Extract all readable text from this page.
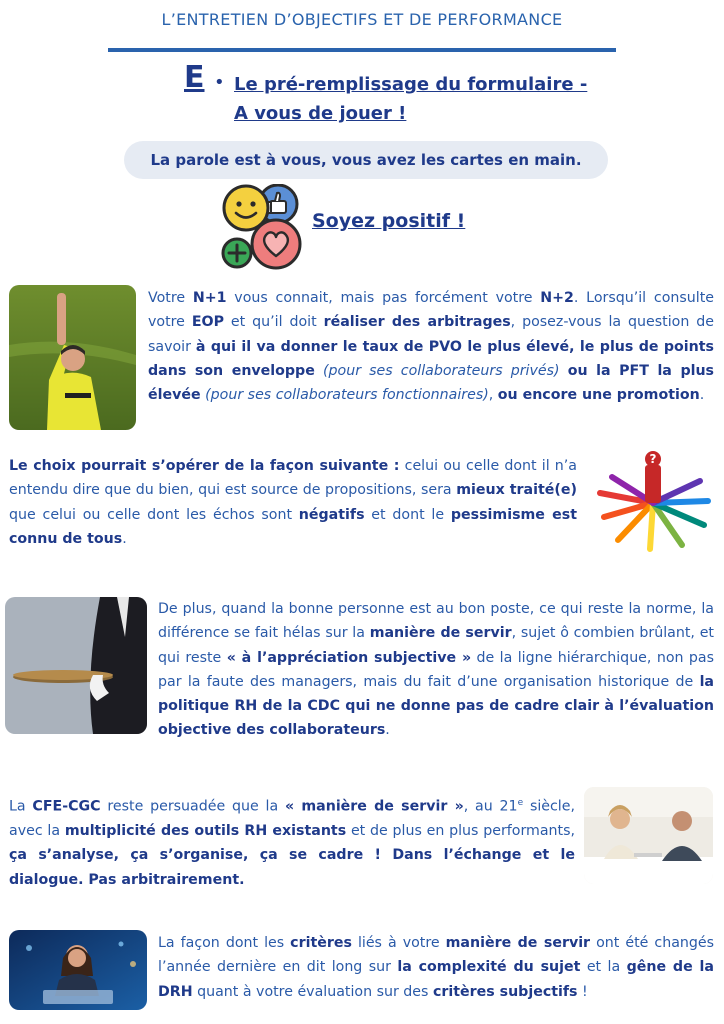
L’ENTRETIEN D’OBJECTIFS ET DE PERFORMANCE
E • Le pré-remplissage du formulaire -
A vous de jouer !
La parole est à vous, vous avez les cartes en main.
Soyez positif !
Votre N+1 vous connait, mais pas forcément votre N+2. Lorsqu’il consulte votre EOP et qu’il doit réaliser des arbitrages, posez-vous la question de savoir à qui il va donner le taux de PVO le plus élevé, le plus de points dans son enveloppe (pour ses collaborateurs privés) ou la PFT la plus élevée (pour ses collaborateurs fonctionnaires), ou encore une promotion.
Le choix pourrait s’opérer de la façon suivante : celui ou celle dont il n’a entendu dire que du bien, qui est source de propositions, sera mieux traité(e) que celui ou celle dont les échos sont négatifs et dont le pessimisme est connu de tous.
?
De plus, quand la bonne personne est au bon poste, ce qui reste la norme, la différence se fait hélas sur la manière de servir, sujet ô combien brûlant, et qui reste « à l’appréciation subjective » de la ligne hiérarchique, non pas par la faute des managers, mais du fait d’une organisation historique de la politique RH de la CDC qui ne donne pas de cadre clair à l’évaluation objective des collaborateurs.
La CFE-CGC reste persuadée que la « manière de servir », au 21e siècle, avec la multiplicité des outils RH existants et de plus en plus performants, ça s’analyse, ça s’organise, ça se cadre ! Dans l’échange et le dialogue. Pas arbitrairement.
La façon dont les critères liés à votre manière de servir ont été changés l’année dernière en dit long sur la complexité du sujet et la gêne de la DRH quant à votre évaluation sur des critères subjectifs !
